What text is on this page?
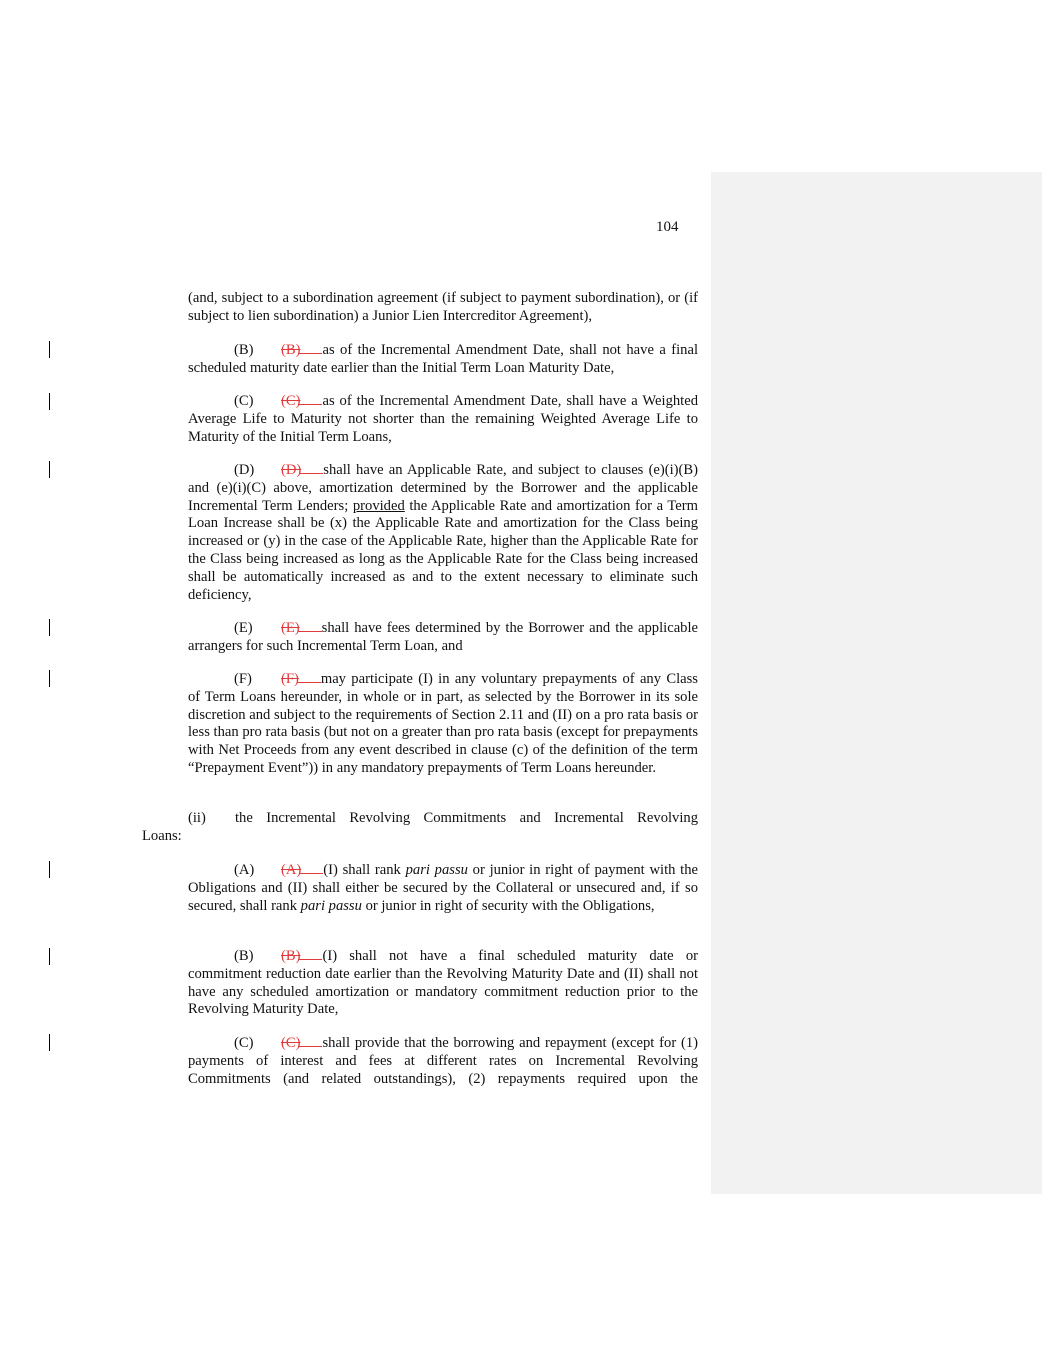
104

(and, subject to a subordination agreement (if subject to payment subordination), or (if subject to lien subordination) a Junior Lien Intercreditor Agreement),

(B) (B) as of the Incremental Amendment Date, shall not have a final scheduled maturity date earlier than the Initial Term Loan Maturity Date,

(C) (C) as of the Incremental Amendment Date, shall have a Weighted Average Life to Maturity not shorter than the remaining Weighted Average Life to Maturity of the Initial Term Loans,

(D) (D) shall have an Applicable Rate, and subject to clauses (e)(i)(B) and (e)(i)(C) above, amortization determined by the Borrower and the applicable Incremental Term Lenders; provided the Applicable Rate and amortization for a Term Loan Increase shall be (x) the Applicable Rate and amortization for the Class being increased or (y) in the case of the Applicable Rate, higher than the Applicable Rate for the Class being increased as long as the Applicable Rate for the Class being increased shall be automatically increased as and to the extent necessary to eliminate such deficiency,

(E) (E) shall have fees determined by the Borrower and the applicable arrangers for such Incremental Term Loan, and

(F) (F) may participate (I) in any voluntary prepayments of any Class of Term Loans hereunder, in whole or in part, as selected by the Borrower in its sole discretion and subject to the requirements of Section 2.11 and (II) on a pro rata basis or less than pro rata basis (but not on a greater than pro rata basis (except for prepayments with Net Proceeds from any event described in clause (c) of the definition of the term “Prepayment Event”)) in any mandatory prepayments of Term Loans hereunder.

(ii) the Incremental Revolving Commitments and Incremental Revolving

Loans:

(A) (A) (I) shall rank pari passu or junior in right of payment with the Obligations and (II) shall either be secured by the Collateral or unsecured and, if so secured, shall rank pari passu or junior in right of security with the Obligations,

(B) (B) (I) shall not have a final scheduled maturity date or commitment reduction date earlier than the Revolving Maturity Date and (II) shall not have any scheduled amortization or mandatory commitment reduction prior to the Revolving Maturity Date,

(C) (C) shall provide that the borrowing and repayment (except for (1) payments of interest and fees at different rates on Incremental Revolving Commitments (and related outstandings), (2) repayments required upon the
